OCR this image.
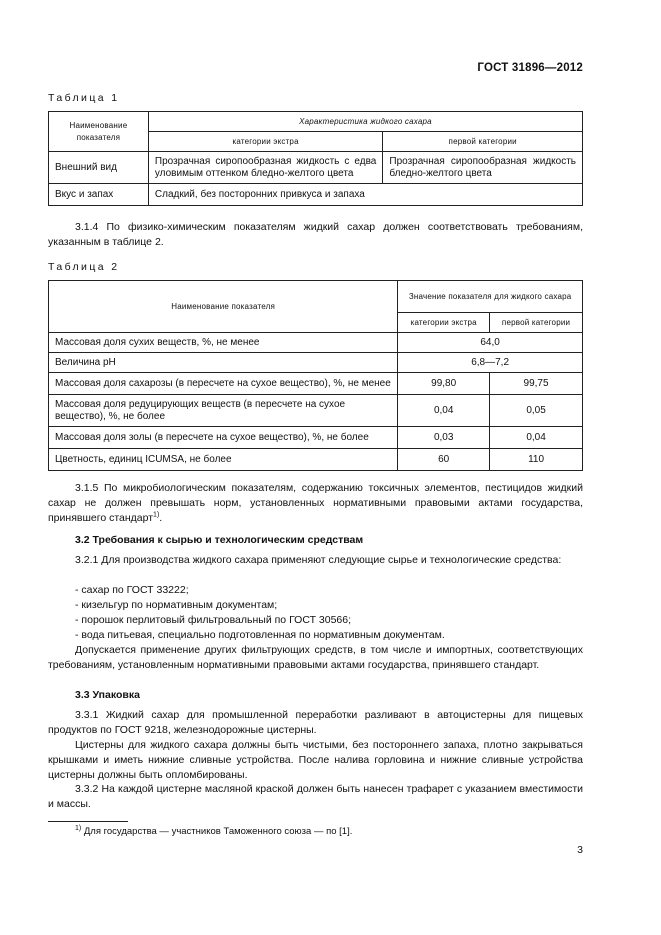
ГОСТ 31896—2012
Таблица 1
Наименование показателя	Характеристика жидкого сахара	
	категории экстра	первой категории
Внешний вид	Прозрачная сиропообразная жидкость с едва уловимым оттенком бледно-желтого цвета	Прозрачная сиропообразная жидкость бледно-желтого цвета
Вкус и запах	Сладкий, без посторонних привкуса и запаха	

3.1.4 По физико-химическим показателям жидкий сахар должен соответствовать требованиям, указанным в таблице 2.

Таблица 2
Наименование показателя	Значение показателя для жидкого сахара	
	категории экстра	первой категории
Массовая доля сухих веществ, %, не менее	64,0	
Величина pH	6,8—7,2	
Массовая доля сахарозы (в пересчете на сухое вещество), %, не менее	99,80	99,75
Массовая доля редуцирующих веществ (в пересчете на сухое вещество), %, не более	0,04	0,05
Массовая доля золы (в пересчете на сухое вещество), %, не более	0,03	0,04
Цветность, единиц ICUMSA, не более	60	110

3.1.5 По микробиологическим показателям, содержанию токсичных элементов, пестицидов жидкий сахар не должен превышать норм, установленных нормативными правовыми актами государства, принявшего стандарт$^{1)}$.

3.2 Требования к сырью и технологическим средствам

3.2.1 Для производства жидкого сахара применяют следующие сырье и технологические средства:

- сахар по ГОСТ 33222;
- кизельгур по нормативным документам;
- порошок перлитовый фильтровальный по ГОСТ 30566;
- вода питьевая, специально подготовленная по нормативным документам.

Допускается применение других фильтрующих средств, в том числе и импортных, соответствующих требованиям, установленным нормативными правовыми актами государства, принявшего стандарт.

3.3 Упаковка

3.3.1 Жидкий сахар для промышленной переработки разливают в автоцистерны для пищевых продуктов по ГОСТ 9218, железнодорожные цистерны.

Цистерны для жидкого сахара должны быть чистыми, без постороннего запаха, плотно закрываться крышками и иметь нижние сливные устройства. После налива горловина и нижние сливные устройства цистерны должны быть опломбированы.

3.3.2 На каждой цистерне масляной краской должен быть нанесен трафарет с указанием вместимости и массы.

$^{1)}$ Для государства — участников Таможенного союза — по [1].
3
